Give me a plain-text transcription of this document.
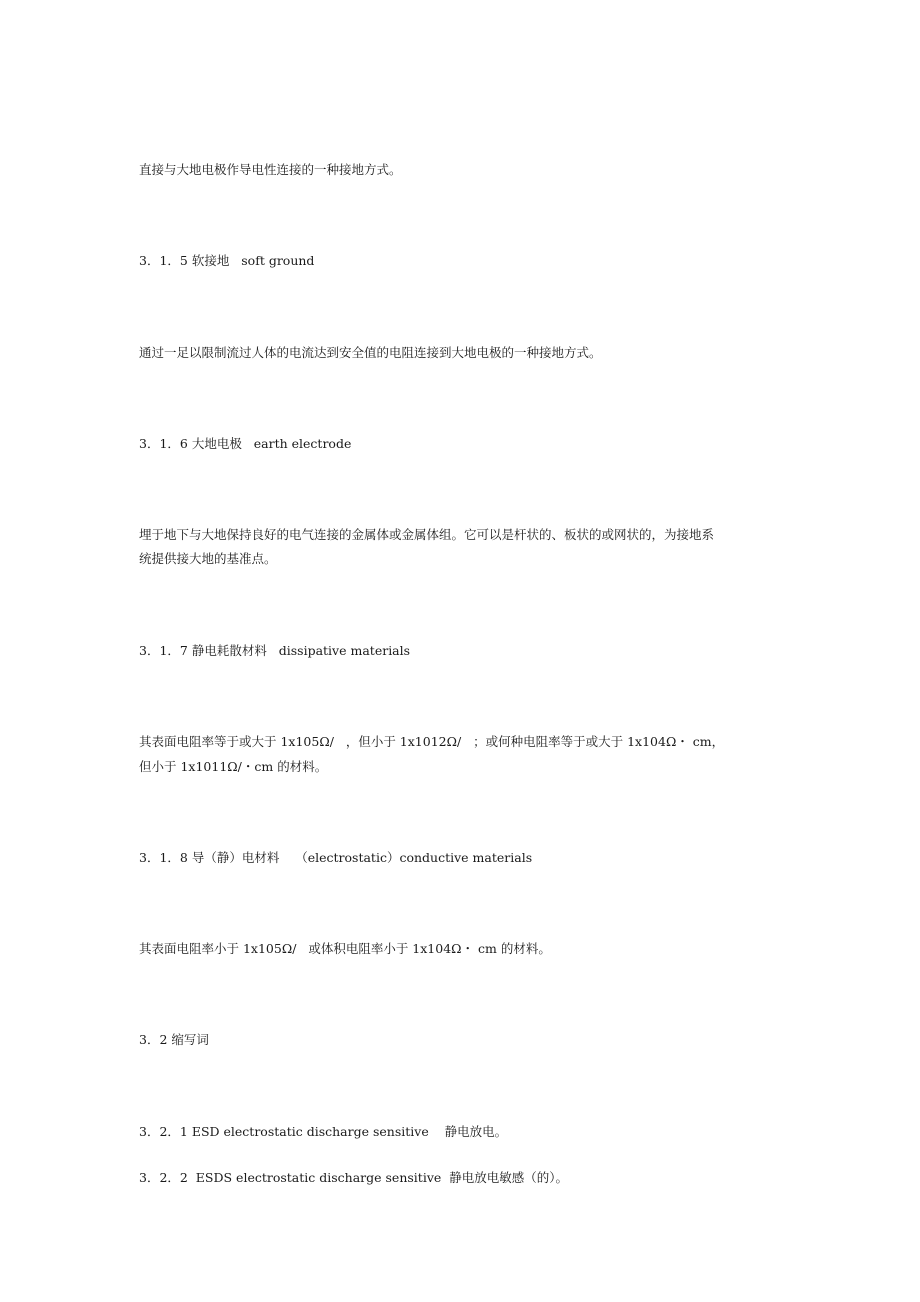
直接与大地电极作导电性连接的一种接地方式。
3．1．5 软接地   soft ground
通过一足以限制流过人体的电流达到安全值的电阻连接到大地电极的一种接地方式。
3．1．6 大地电极   earth electrode
埋于地下与大地保持良好的电气连接的金属体或金属体组。它可以是杆状的、板状的或网状的，为接地系
统提供接大地的基准点。
3．1．7 静电耗散材料   dissipative materials
其表面电阻率等于或大于 1x105Ω/   ，但小于 1x1012Ω/   ；或何种电阻率等于或大于 1x104Ω・ cm，
但小于 1x1011Ω/・cm 的材料。
3．1．8 导（静）电材料    （electrostatic）conductive materials
其表面电阻率小于 1x105Ω/   或体积电阻率小于 1x104Ω・ cm 的材料。
3．2 缩写词
3．2．1 ESD electrostatic discharge sensitive    静电放电。
3．2．2  ESDS electrostatic discharge sensitive  静电放电敏感（的）。
